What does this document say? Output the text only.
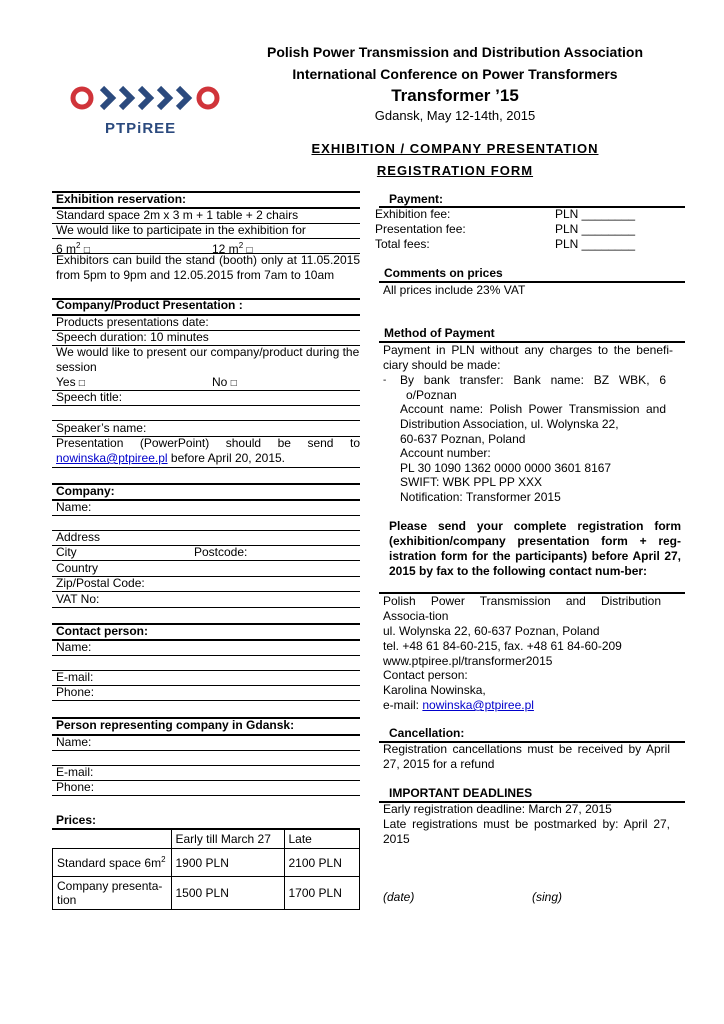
PTPiREE
Polish Power Transmission and Distribution Association
International Conference on Power Transformers
Transformer ’15
Gdansk, May 12-14th, 2015
EXHIBITION / COMPANY PRESENTATION
REGISTRATION FORM
Exhibition reservation:
Standard space 2m x 3 m + 1 table + 2 chairs
We would like to participate in the exhibition for
6 $m^2$ □	12 $m^2$ □
Exhibitors can build the stand (booth) only at 11.05.2015 from 5pm to 9pm and 12.05.2015 from 7am to 10am
Company/Product Presentation :
Products presentations date:
Speech duration: 10 minutes
We would like to present our company/product during the session
Yes □	No □
Speech title:
Speaker’s name:
Presentation (PowerPoint) should be send to
nowinska@ptpiree.pl before April 20, 2015.
Company:
Name:
Address
City	Postcode:
Country
Zip/Postal Code:
VAT No:
Contact person:
Name:
E-mail:
Phone:
Person representing company in Gdansk:
Name:
E-mail:
Phone:
Prices:
	Early till March 27	Late
Standard space $6m^2$	1900 PLN	2100 PLN
Company presenta-tion	1500 PLN	1700 PLN
Payment:
Exhibition fee:	PLN ________
Presentation fee:	PLN ________
Total fees:	PLN ________
Comments on prices
All prices include 23% VAT
Method of Payment
Payment in PLN without any charges to the benefi-ciary should be made:
-	By bank transfer: Bank name: BZ WBK, 6
o/Poznan
Account name: Polish Power Transmission and
Distribution Association, ul. Wolynska 22,
60-637 Poznan, Poland
Account number:
PL 30 1090 1362 0000 0000 3601 8167
SWIFT: WBK PPL PP XXX
Notification: Transformer 2015
Please send your complete registration form (exhibition/company presentation form + reg-istration form for the participants) before April 27, 2015 by fax to the following contact num-ber:
Polish Power Transmission and Distribution Associa-tion
ul. Wolynska 22, 60-637 Poznan, Poland
tel. +48 61 84-60-215, fax. +48 61 84-60-209
www.ptpiree.pl/transformer2015
Contact person:
Karolina Nowinska,
e-mail: nowinska@ptpiree.pl
Cancellation:
Registration cancellations must be received by April 27, 2015 for a refund
IMPORTANT DEADLINES
Early registration deadline: March 27, 2015
Late registrations must be postmarked by: April 27, 2015
(date)	(sing)
